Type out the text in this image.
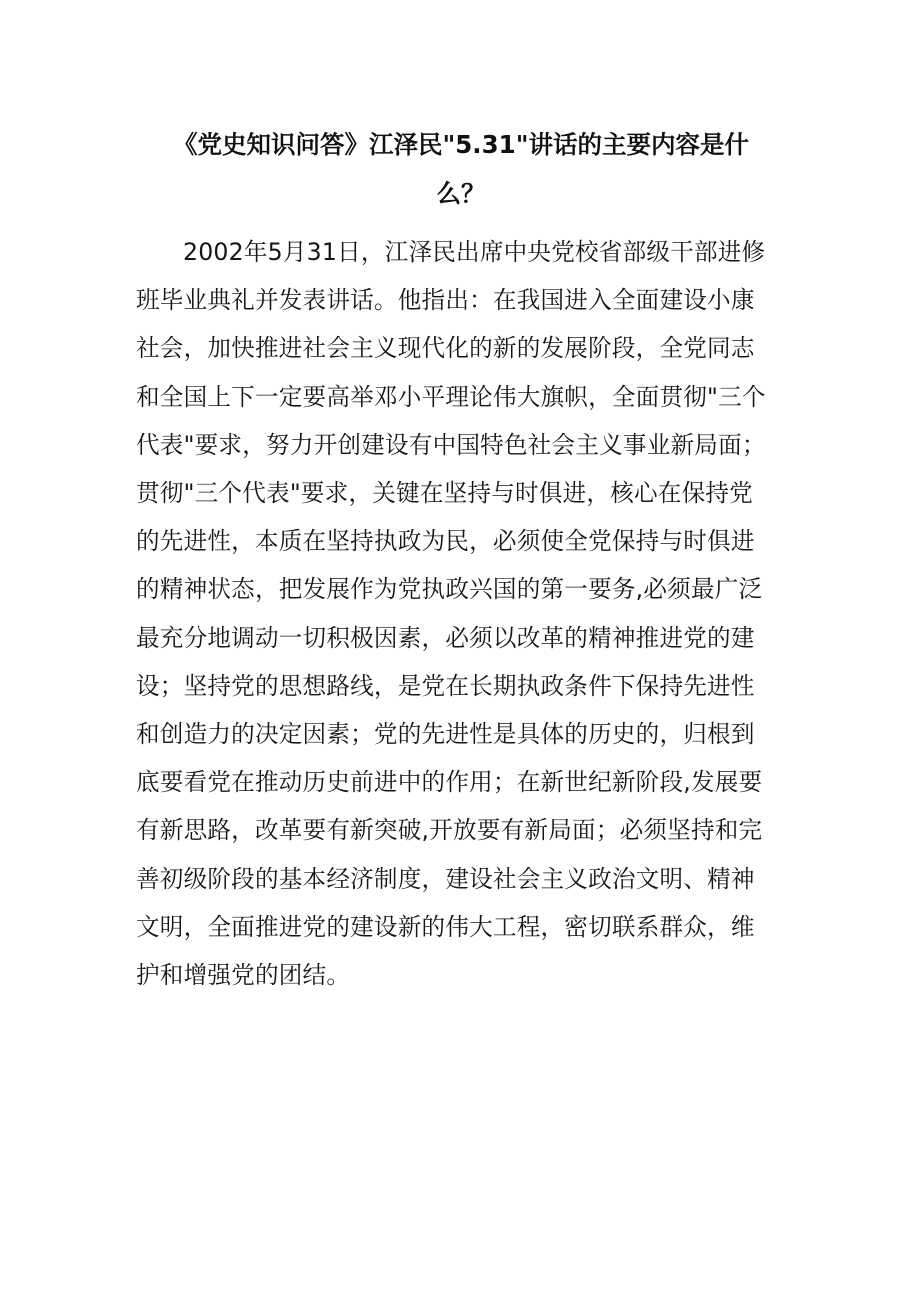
《党史知识问答》江泽民"5.31"讲话的主要内容是什
么？
2002年5月31日，江泽民出席中央党校省部级干部进修
班毕业典礼并发表讲话。他指出：在我国进入全面建设小康
社会，加快推进社会主义现代化的新的发展阶段，全党同志
和全国上下一定要高举邓小平理论伟大旗帜，全面贯彻"三个
代表"要求，努力开创建设有中国特色社会主义事业新局面；
贯彻"三个代表"要求，关键在坚持与时俱进，核心在保持党
的先进性，本质在坚持执政为民，必须使全党保持与时俱进
的精神状态，把发展作为党执政兴国的第一要务,必须最广泛
最充分地调动一切积极因素，必须以改革的精神推进党的建
设；坚持党的思想路线，是党在长期执政条件下保持先进性
和创造力的决定因素；党的先进性是具体的历史的，归根到
底要看党在推动历史前进中的作用；在新世纪新阶段,发展要
有新思路，改革要有新突破,开放要有新局面；必须坚持和完
善初级阶段的基本经济制度，建设社会主义政治文明、精神
文明，全面推进党的建设新的伟大工程，密切联系群众，维
护和增强党的团结。
